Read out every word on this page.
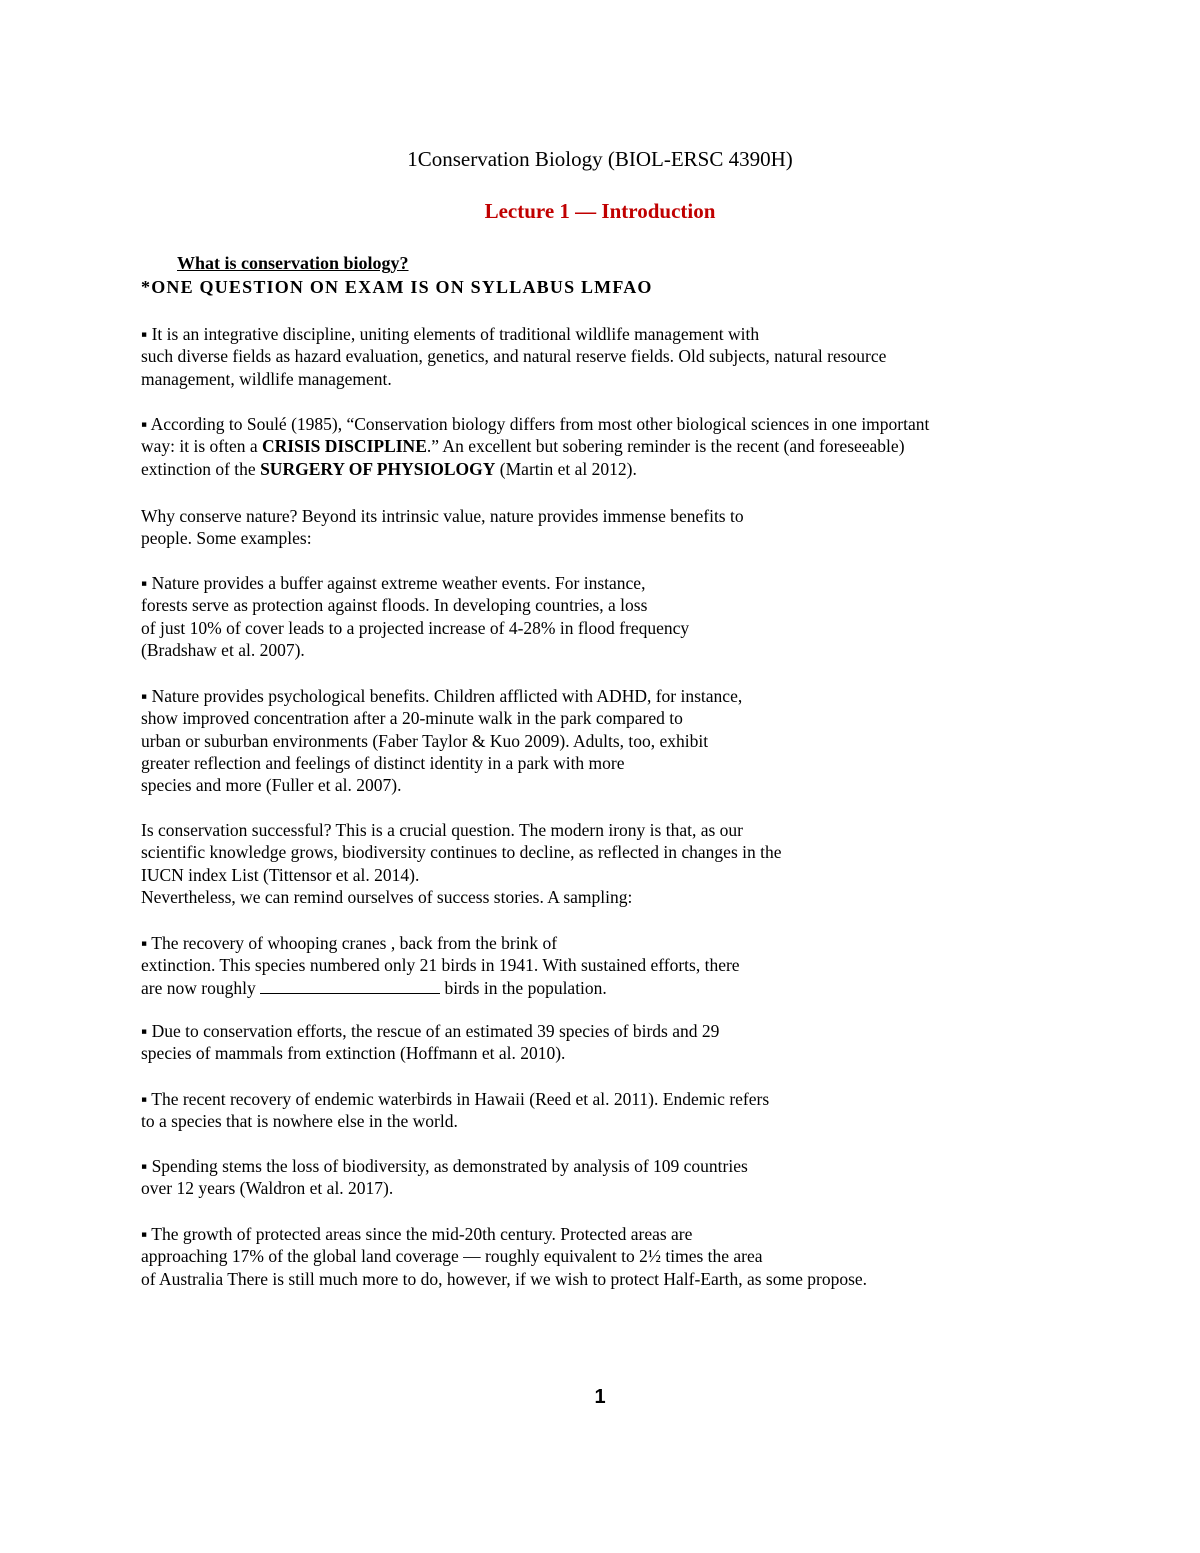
1Conservation Biology (BIOL-ERSC 4390H)
Lecture 1 — Introduction
What is conservation biology?
*ONE QUESTION ON EXAM IS ON SYLLABUS LMFAO
▪ It is an integrative discipline, uniting elements of traditional wildlife management with
such diverse fields as hazard evaluation, genetics, and natural reserve fields. Old subjects, natural resource
management, wildlife management.
▪ According to Soulé (1985), “Conservation biology differs from most other biological sciences in one important
way: it is often a CRISIS DISCIPLINE.” An excellent but sobering reminder is the recent (and foreseeable)
extinction of the SURGERY OF PHYSIOLOGY (Martin et al 2012).
Why conserve nature? Beyond its intrinsic value, nature provides immense benefits to
people. Some examples:
▪ Nature provides a buffer against extreme weather events. For instance,
forests serve as protection against floods. In developing countries, a loss
of just 10% of cover leads to a projected increase of 4-28% in flood frequency
(Bradshaw et al. 2007).
▪ Nature provides psychological benefits. Children afflicted with ADHD, for instance,
show improved concentration after a 20-minute walk in the park compared to
urban or suburban environments (Faber Taylor & Kuo 2009). Adults, too, exhibit
greater reflection and feelings of distinct identity in a park with more
species and more (Fuller et al. 2007).
Is conservation successful? This is a crucial question. The modern irony is that, as our
scientific knowledge grows, biodiversity continues to decline, as reflected in changes in the
IUCN index List (Tittensor et al. 2014).
Nevertheless, we can remind ourselves of success stories. A sampling:
▪ The recovery of whooping cranes , back from the brink of
extinction. This species numbered only 21 birds in 1941. With sustained efforts, there
are now roughly	birds in the population.
▪ Due to conservation efforts, the rescue of an estimated 39 species of birds and 29
species of mammals from extinction (Hoffmann et al. 2010).
▪ The recent recovery of endemic waterbirds in Hawaii (Reed et al. 2011). Endemic refers
to a species that is nowhere else in the world.
▪ Spending stems the loss of biodiversity, as demonstrated by analysis of 109 countries
over 12 years (Waldron et al. 2017).
▪ The growth of protected areas since the mid-20th century. Protected areas are
approaching 17% of the global land coverage — roughly equivalent to 2½ times the area
of Australia There is still much more to do, however, if we wish to protect Half-Earth, as some propose.
1
